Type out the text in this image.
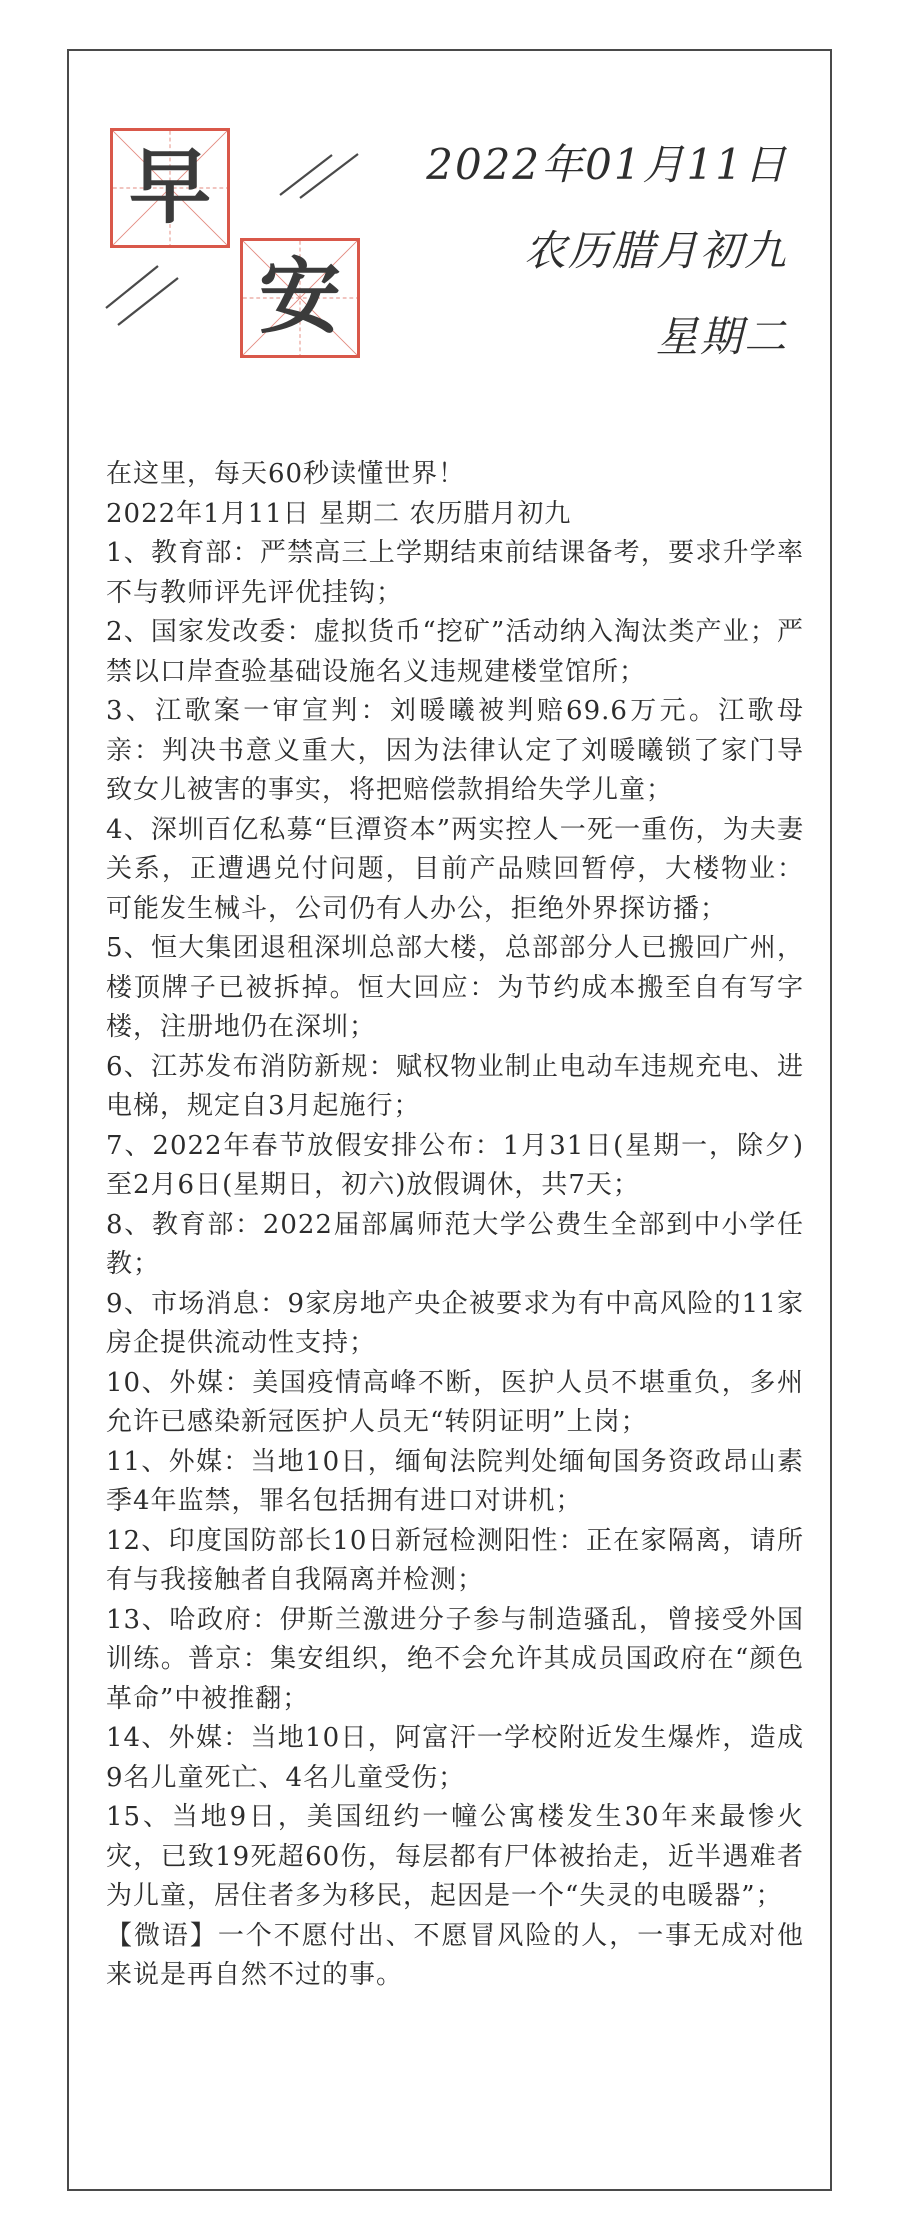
早
安
2022年01月11日
农历腊月初九
星期二

在这里，每天60秒读懂世界！

2022年1月11日 星期二 农历腊月初九

1、教育部：严禁高三上学期结束前结课备考，要求升学率不与教师评先评优挂钩；

2、国家发改委：虚拟货币“挖矿”活动纳入淘汰类产业；严禁以口岸查验基础设施名义违规建楼堂馆所；

3、江歌案一审宣判：刘暖曦被判赔69.6万元。江歌母亲：判决书意义重大，因为法律认定了刘暖曦锁了家门导致女儿被害的事实，将把赔偿款捐给失学儿童；

4、深圳百亿私募“巨潭资本”两实控人一死一重伤，为夫妻关系，正遭遇兑付问题，目前产品赎回暂停，大楼物业：可能发生械斗，公司仍有人办公，拒绝外界探访播；

5、恒大集团退租深圳总部大楼，总部部分人已搬回广州，楼顶牌子已被拆掉。恒大回应：为节约成本搬至自有写字楼，注册地仍在深圳；

6、江苏发布消防新规：赋权物业制止电动车违规充电、进电梯，规定自3月起施行；

7、2022年春节放假安排公布：1月31日(星期一，除夕)至2月6日(星期日，初六)放假调休，共7天；

8、教育部：2022届部属师范大学公费生全部到中小学任教；

9、市场消息：9家房地产央企被要求为有中高风险的11家房企提供流动性支持；

10、外媒：美国疫情高峰不断，医护人员不堪重负，多州允许已感染新冠医护人员无“转阴证明”上岗；

11、外媒：当地10日，缅甸法院判处缅甸国务资政昂山素季4年监禁，罪名包括拥有进口对讲机；

12、印度国防部长10日新冠检测阳性：正在家隔离，请所有与我接触者自我隔离并检测；

13、哈政府：伊斯兰激进分子参与制造骚乱，曾接受外国训练。普京：集安组织，绝不会允许其成员国政府在“颜色革命”中被推翻；

14、外媒：当地10日，阿富汗一学校附近发生爆炸，造成9名儿童死亡、4名儿童受伤；

15、当地9日，美国纽约一幢公寓楼发生30年来最惨火灾，已致19死超60伤，每层都有尸体被抬走，近半遇难者为儿童，居住者多为移民，起因是一个“失灵的电暖器”；

【微语】一个不愿付出、不愿冒风险的人，一事无成对他来说是再自然不过的事。
